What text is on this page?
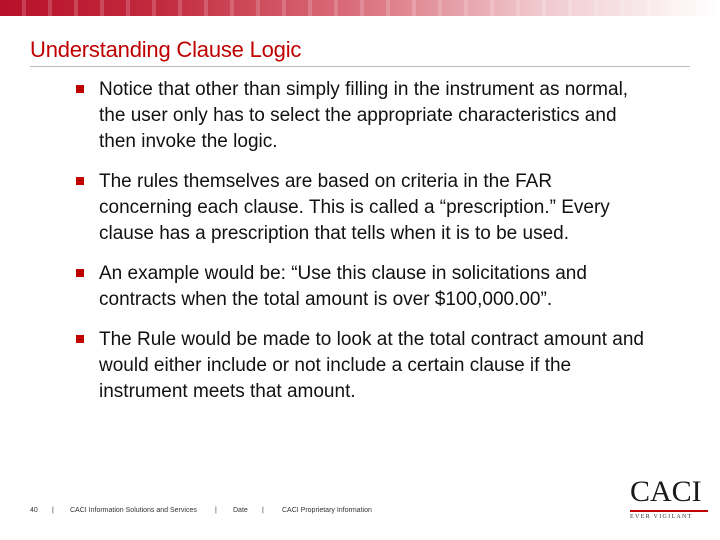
Understanding Clause Logic
Notice that other than simply filling in the instrument as normal, the user only has to select the appropriate characteristics and then invoke the logic.
The rules themselves are based on criteria in the FAR concerning each clause. This is called a “prescription.” Every clause has a prescription that tells when it is to be used.
An example would be: “Use this clause in solicitations and contracts when the total amount is over $100,000.00”.
The Rule would be made to look at the total contract amount and would either include or not include a certain clause if the instrument meets that amount.
40 | CACI Information Solutions and Services	| Date |	CACI Proprietary Information
CACI
EVER VIGILANT
